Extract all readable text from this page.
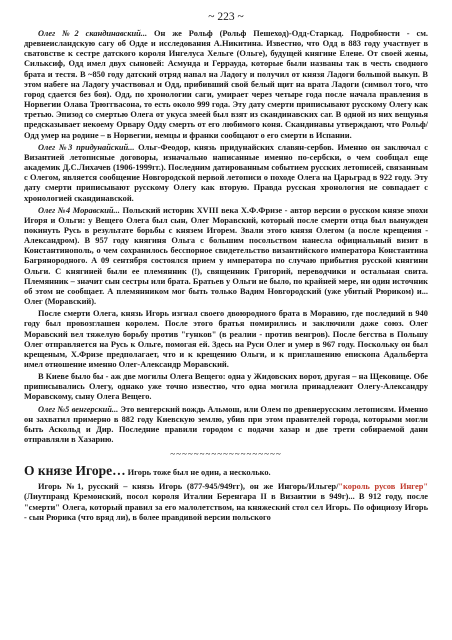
~ 223 ~

Олег №2 скандинавский... Он же Рольф (Рольф Пешеход)-Одд-Старкад. Подробности - см. древнеисландскую сагу об Одде и исследования А.Никитина. Известно, что Одд в 883 году участвует в сватовстве к сестре датского короля Ингелуса Хельге (Ольге), будущей княгине Елене. От своей жены, Сильксиф, Одд имел двух сыновей: Асмунда и Геррауда, которые были названы так в честь сводного брата и тестя. В ~850 году датский отряд напал на Ладогу и получил от князя Ладоги большой выкуп. В этом набеге на Ладогу участвовал и Одд, прибивший свой белый щит на врата Ладоги (символ того, что город сдается без боя). Одд, по хронологии саги, умирает через четыре года после начала правления в Норвегии Олава Трюггвасона, то есть около 999 года. Эту дату смерти приписывают русскому Олегу как третью. Эпизод со смертью Олега от укуса змеей был взят из скандинавских саг. В одной из них вещунья предсказывает некоему Орвару Одду смерть от его любимого коня. Скандинавы утверждают, что Рольф/Одд умер на родине – в Норвегии, немцы и франки сообщают о его смерти в Испании.

Олег №3 придунайский... Ольг-Феодор, князь придунайских славян-сербов. Именно он заключал с Византией летописные договоры, изначально написанные именно по-сербски, о чем сообщал еще академик Д.С.Лихачев (1906-1999гг.). Последним датированным событием русских летописей, связанным с Олегом, является сообщение Новгородской первой летописи о походе Олега на Царьград в 922 году. Эту дату смерти приписывают русскому Олегу как вторую. Правда русская хронология не совпадает с хронологией скандинавской.

Олег №4 Моравский... Польский историк XVIII века Х.Ф.Фризе - автор версии о русском князе эпохи Игоря и Ольги: у Вещего Олега был сын, Олег Моравский, который после смерти отца был вынужден покинуть Русь в результате борьбы с князем Игорем. Звали этого князя Олегом (а после крещения - Александром). В 957 году княгиня Ольга с большим посольством нанесла официальный визит в Константинополь, о чем сохранилось бесспорное свидетельство византийского императора Константина Багрянородного. А 09 сентября состоялся прием у императора по случаю прибытия русской княгини Ольги. С княгиней были ее племянник (!), священник Григорий, переводчики и остальная свита. Племянник – значит сын сестры или брата. Братьев у Ольги не было, по крайней мере, ни один источник об этом не сообщает. А племянником мог быть только Вадим Новгородский (уже убитый Рюриком) и... Олег (Моравский).

После смерти Олега, князь Игорь изгнал своего двоюродного брата в Моравию, где последний в 940 году был провозглашен королем. После этого братья помирились и заключили даже союз. Олег Моравский вел тяжелую борьбу против "гунков" (в реалии - против венгров). После бегства в Польшу Олег отправляется на Русь к Ольге, помогая ей. Здесь на Руси Олег и умер в 967 году. Поскольку он был крещеным, Х.Фризе предполагает, что и к крещению Ольги, и к приглашению епископа Адальберта имел отношение именно Олег-Александр Моравский.

В Киеве было бы - аж две могилы Олега Вещего: одна у Жидовских ворот, другая – на Щековице. Обе приписывались Олегу, однако уже точно известно, что одна могила принадлежит Олегу-Александру Моравскому, сыну Олега Вещего.

Олег №5 венгерский... Это венгерский вождь Альмош, или Олем по древнерусским летописям. Именно он захватил примерно в 882 году Киевскую землю, убив при этом правителей города, которыми могли быть Аскольд и Дир. Последние правили городом с подачи хазар и две трети собираемой дани отправляли в Хазарию.

~~~~~~~~~~~~~~~~~~~
О князе Игоре… Игорь тоже был не один, а несколько.

Игорь №1, русский – князь Игорь (877-945/949гг), он же Ингорь/Ильгер/"король русов Ингер" (Лиутпранд Кремонский, посол короля Италии Беренгара II в Византии в 949г)... В 912 году, после "смерти" Олега, который правил за его малолетством, на княжеский стол сел Игорь. По официозу Игорь - сын Рюрика (что вряд ли), в более правдивой версии польского
